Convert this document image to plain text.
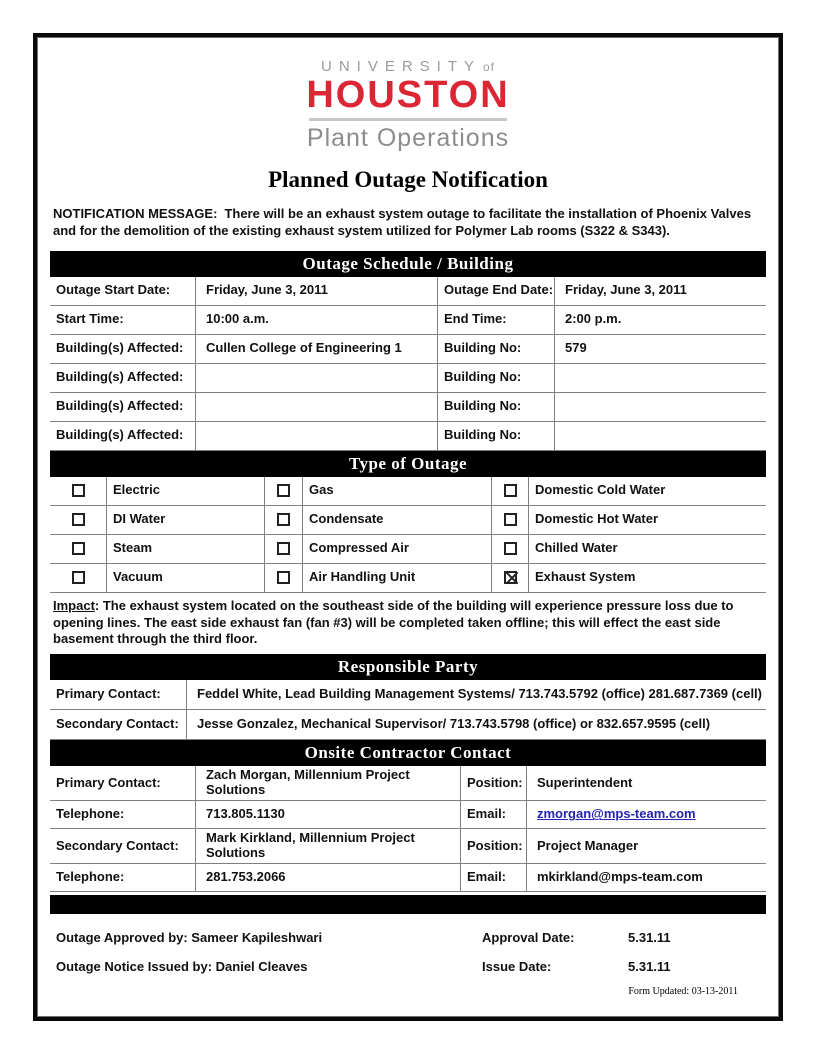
UNIVERSITY of
HOUSTON
Plant Operations
Planned Outage Notification
NOTIFICATION MESSAGE: There will be an exhaust system outage to facilitate the installation of Phoenix Valves and for the demolition of the existing exhaust system utilized for Polymer Lab rooms (S322 & S343).
Outage Schedule / Building
Outage Start Date:	Friday, June 3, 2011	Outage End Date: Friday, June 3, 2011
Start Time:	10:00 a.m.	End Time:	2:00 p.m.
Building(s) Affected:	Cullen College of Engineering 1	Building No:	579
Building(s) Affected:	Building No:
Building(s) Affected:	Building No:
Building(s) Affected:	Building No:
Type of Outage
Electric	Gas	Domestic Cold Water
DI Water	Condensate	Domestic Hot Water
Steam	Compressed Air	Chilled Water
Vacuum	Air Handling Unit	Exhaust System
Impact: The exhaust system located on the southeast side of the building will experience pressure loss due to opening lines. The east side exhaust fan (fan #3) will be completed taken offline; this will effect the east side basement through the third floor.
Responsible Party
Primary Contact:	Feddel White, Lead Building Management Systems/ 713.743.5792 (office) 281.687.7369 (cell)
Secondary Contact:	Jesse Gonzalez, Mechanical Supervisor/ 713.743.5798 (office) or 832.657.9595 (cell)
Onsite Contractor Contact
Primary Contact:	Zach Morgan, Millennium Project Solutions	Position:	Superintendent
Telephone:	713.805.1130	Email:	zmorgan@mps-team.com
Secondary Contact:	Mark Kirkland, Millennium Project Solutions	Position:	Project Manager
Telephone:	281.753.2066	Email:	mkirkland@mps-team.com
Outage Approved by: Sameer Kapileshwari	Approval Date:	5.31.11
Outage Notice Issued by: Daniel Cleaves	Issue Date:	5.31.11
Form Updated: 03-13-2011
